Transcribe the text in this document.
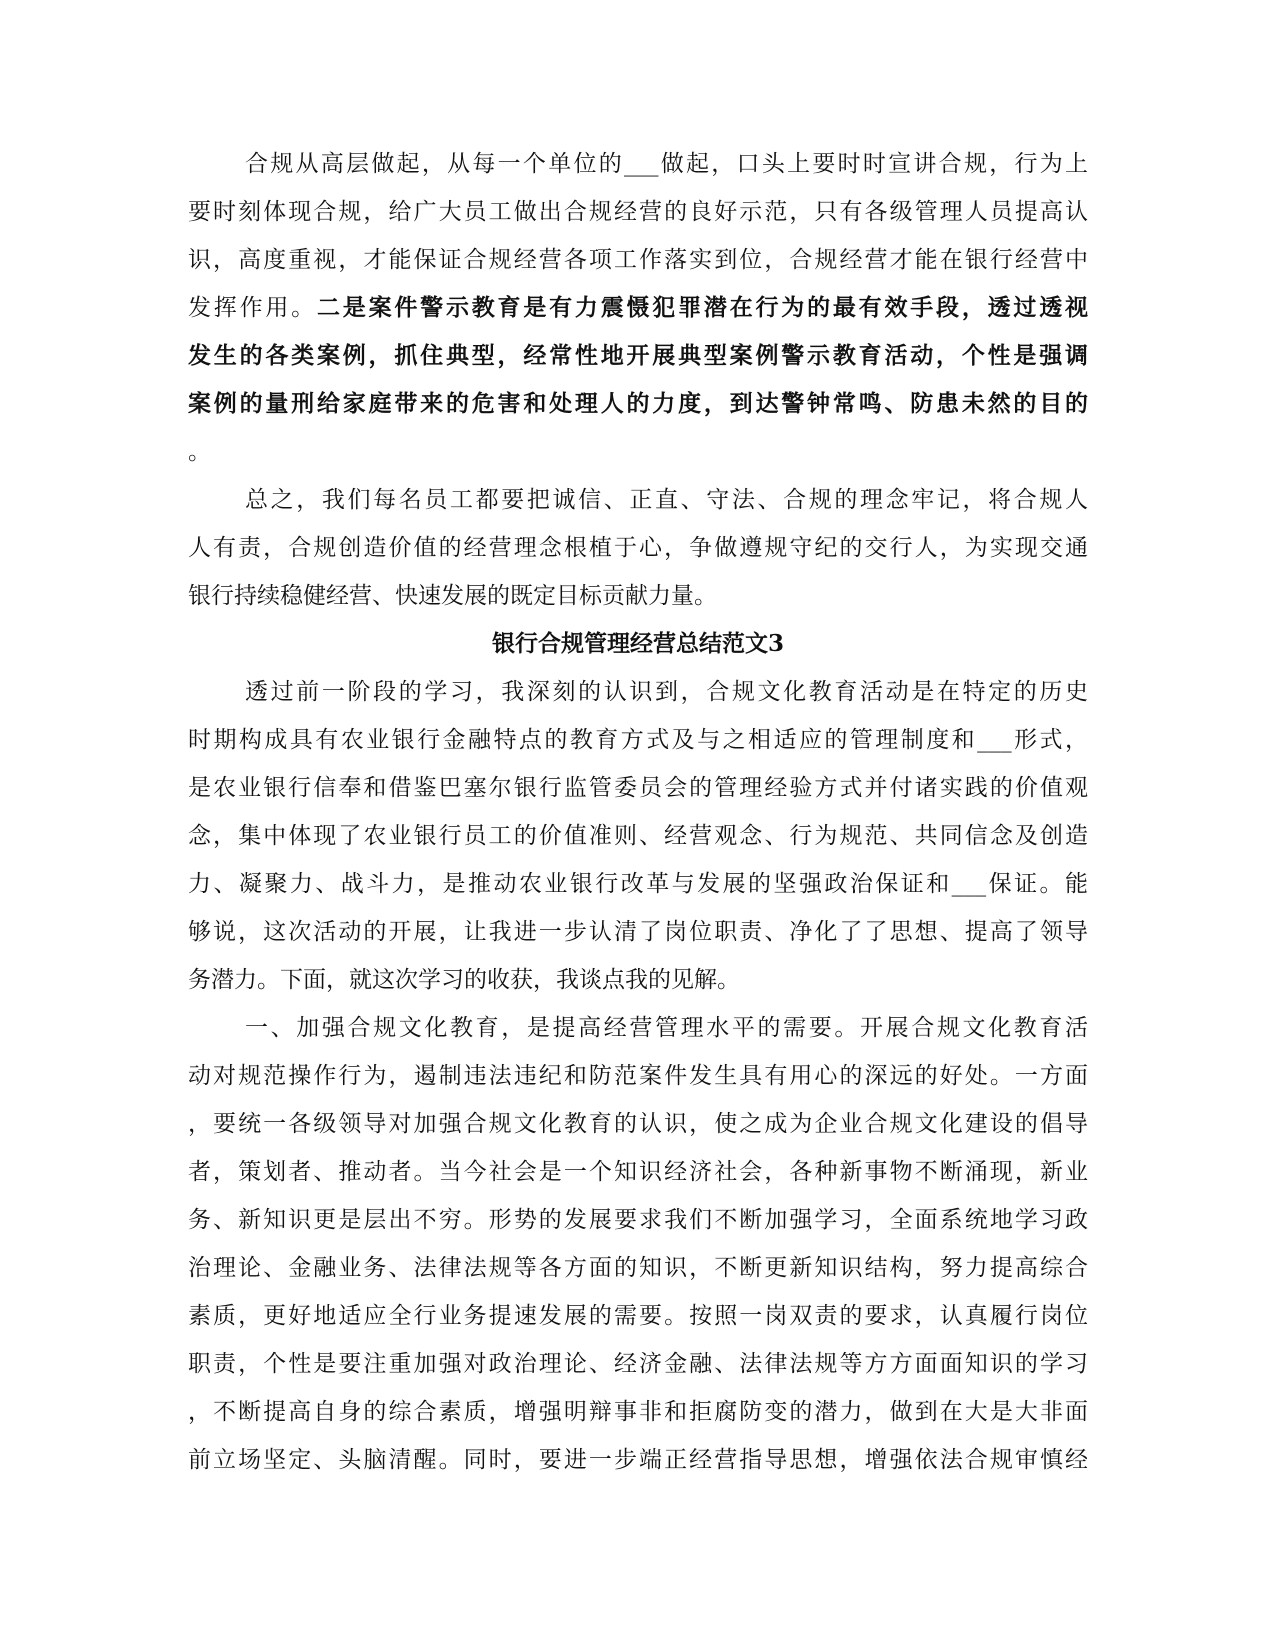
合规从高层做起，从每一个单位的___做起，口头上要时时宣讲合规，行为上
要时刻体现合规，给广大员工做出合规经营的良好示范，只有各级管理人员提高认
识，高度重视，才能保证合规经营各项工作落实到位，合规经营才能在银行经营中
发挥作用。二是案件警示教育是有力震慑犯罪潜在行为的最有效手段，透过透视
发生的各类案例，抓住典型，经常性地开展典型案例警示教育活动，个性是强调
案例的量刑给家庭带来的危害和处理人的力度，到达警钟常鸣、防患未然的目的
。
总之，我们每名员工都要把诚信、正直、守法、合规的理念牢记，将合规人
人有责，合规创造价值的经营理念根植于心，争做遵规守纪的交行人，为实现交通
银行持续稳健经营、快速发展的既定目标贡献力量。
银行合规管理经营总结范文3
透过前一阶段的学习，我深刻的认识到，合规文化教育活动是在特定的历史
时期构成具有农业银行金融特点的教育方式及与之相适应的管理制度和___形式，
是农业银行信奉和借鉴巴塞尔银行监管委员会的管理经验方式并付诸实践的价值观
念，集中体现了农业银行员工的价值准则、经营观念、行为规范、共同信念及创造
力、凝聚力、战斗力，是推动农业银行改革与发展的坚强政治保证和___保证。能
够说，这次活动的开展，让我进一步认清了岗位职责、净化了了思想、提高了领导
务潜力。下面，就这次学习的收获，我谈点我的见解。
一、加强合规文化教育，是提高经营管理水平的需要。开展合规文化教育活
动对规范操作行为，遏制违法违纪和防范案件发生具有用心的深远的好处。一方面
，要统一各级领导对加强合规文化教育的认识，使之成为企业合规文化建设的倡导
者，策划者、推动者。当今社会是一个知识经济社会，各种新事物不断涌现，新业
务、新知识更是层出不穷。形势的发展要求我们不断加强学习，全面系统地学习政
治理论、金融业务、法律法规等各方面的知识，不断更新知识结构，努力提高综合
素质，更好地适应全行业务提速发展的需要。按照一岗双责的要求，认真履行岗位
职责，个性是要注重加强对政治理论、经济金融、法律法规等方方面面知识的学习
，不断提高自身的综合素质，增强明辩事非和拒腐防变的潜力，做到在大是大非面
前立场坚定、头脑清醒。同时，要进一步端正经营指导思想，增强依法合规审慎经
